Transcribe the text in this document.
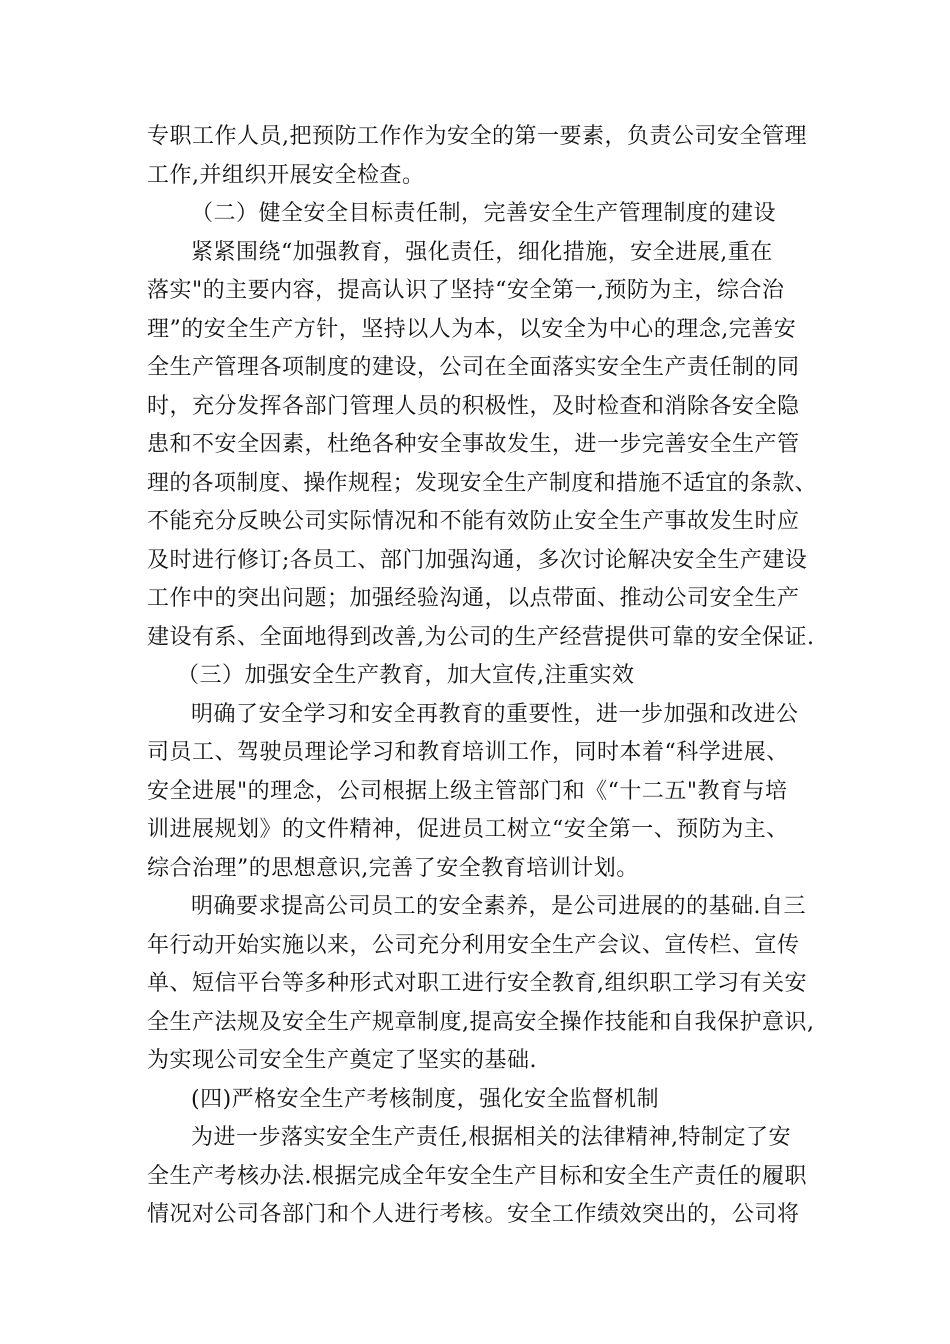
专职工作人员,把预防工作作为安全的第一要素，负责公司安全管理
工作,并组织开展安全检查。
（二）健全安全目标责任制，完善安全生产管理制度的建设
紧紧围绕“加强教育，强化责任，细化措施，安全进展,重在
落实"的主要内容，提高认识了坚持“安全第一,预防为主，综合治
理”的安全生产方针，坚持以人为本，以安全为中心的理念,完善安
全生产管理各项制度的建设，公司在全面落实安全生产责任制的同
时，充分发挥各部门管理人员的积极性，及时检查和消除各安全隐
患和不安全因素，杜绝各种安全事故发生，进一步完善安全生产管
理的各项制度、操作规程；发现安全生产制度和措施不适宜的条款、
不能充分反映公司实际情况和不能有效防止安全生产事故发生时应
及时进行修订;各员工、部门加强沟通，多次讨论解决安全生产建设
工作中的突出问题；加强经验沟通，以点带面、推动公司安全生产
建设有系、全面地得到改善,为公司的生产经营提供可靠的安全保证.
（三）加强安全生产教育，加大宣传,注重实效
明确了安全学习和安全再教育的重要性，进一步加强和改进公
司员工、驾驶员理论学习和教育培训工作，同时本着“科学进展、
安全进展"的理念，公司根据上级主管部门和《“十二五"教育与培
训进展规划》的文件精神，促进员工树立“安全第一、预防为主、
综合治理”的思想意识,完善了安全教育培训计划。
明确要求提高公司员工的安全素养，是公司进展的的基础.自三
年行动开始实施以来，公司充分利用安全生产会议、宣传栏、宣传
单、短信平台等多种形式对职工进行安全教育,组织职工学习有关安
全生产法规及安全生产规章制度,提高安全操作技能和自我保护意识,
为实现公司安全生产奠定了坚实的基础.
(四)严格安全生产考核制度，强化安全监督机制
为进一步落实安全生产责任,根据相关的法律精神,特制定了安
全生产考核办法.根据完成全年安全生产目标和安全生产责任的履职
情况对公司各部门和个人进行考核。安全工作绩效突出的，公司将
